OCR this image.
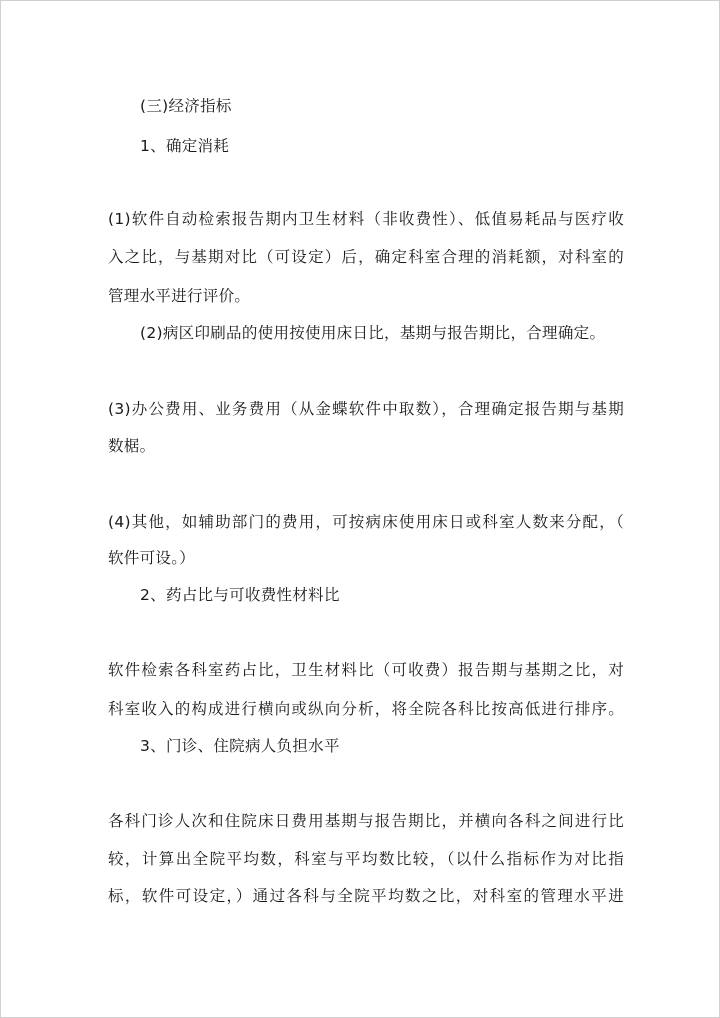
(三)经济指标
1、确定消耗
(1)软件自动检索报告期内卫生材料（非收费性）、低值易耗品与医疗收
入之比，与基期对比（可设定）后，确定科室合理的消耗额，对科室的
管理水平进行评价。
(2)病区印刷品的使用按使用床日比，基期与报告期比，合理确定。
(3)办公费用、业务费用（从金蝶软件中取数），合理确定报告期与基期
数椐。
(4)其他，如辅助部门的费用，可按病床使用床日或科室人数来分配，（
软件可设。）
2、药占比与可收费性材料比
软件检索各科室药占比，卫生材料比（可收费）报告期与基期之比，对
科室收入的构成进行横向或纵向分析，将全院各科比按高低进行排序。
3、门诊、住院病人负担水平
各科门诊人次和住院床日费用基期与报告期比，并横向各科之间进行比
较，计算出全院平均数，科室与平均数比较，（以什么指标作为对比指
标，软件可设定，）通过各科与全院平均数之比，对科室的管理水平进
